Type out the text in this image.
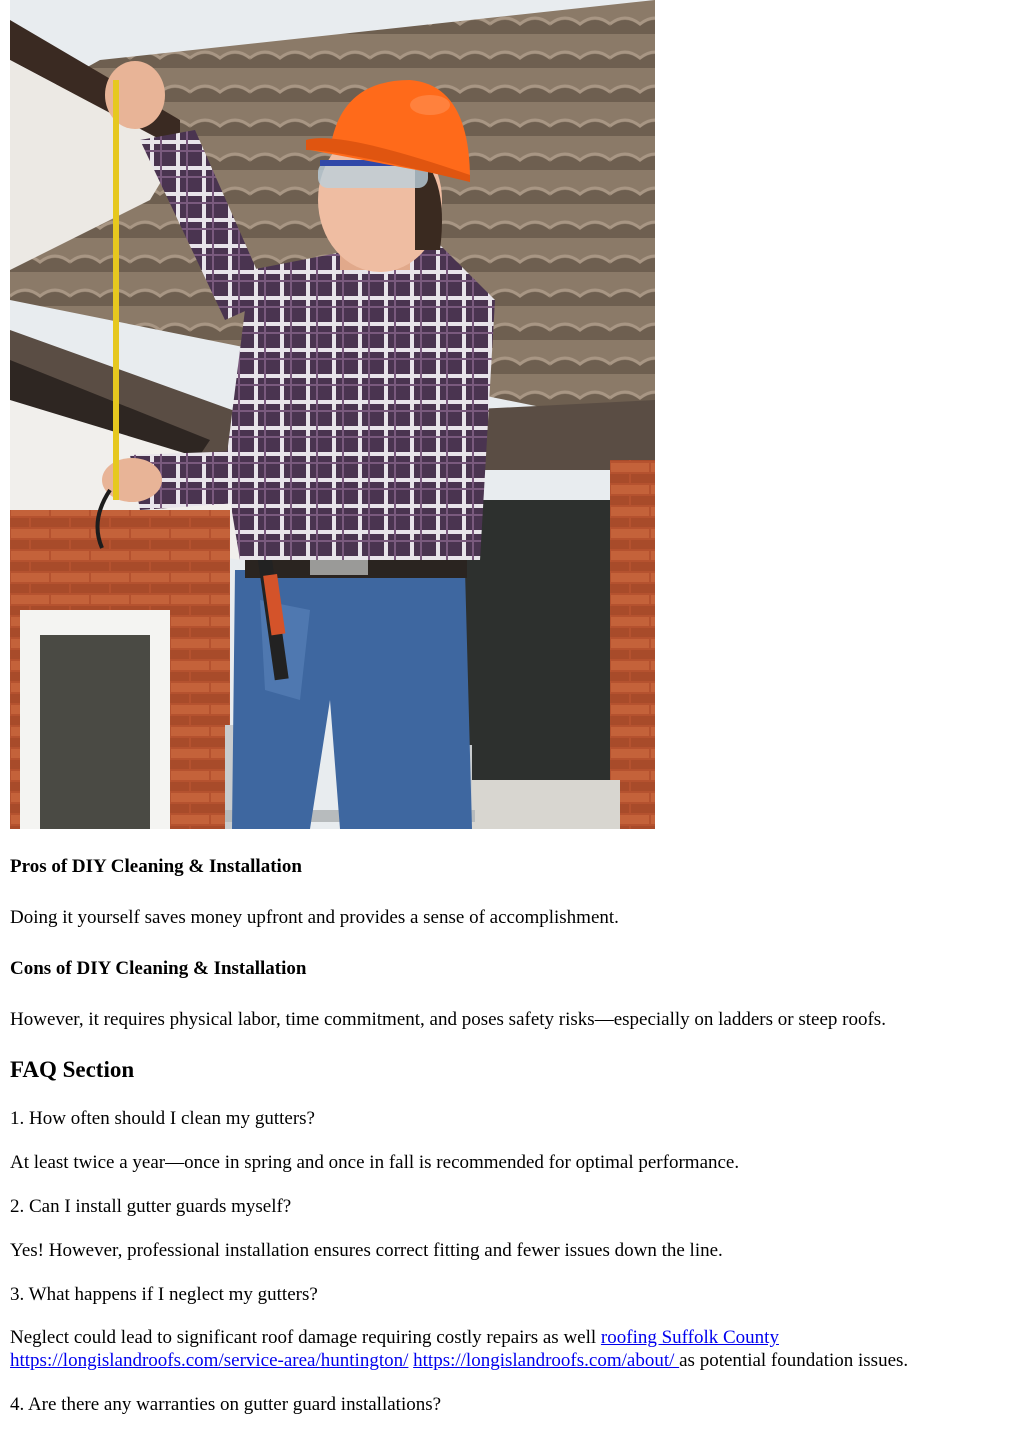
Pros of DIY Cleaning & Installation

Doing it yourself saves money upfront and provides a sense of accomplishment.

Cons of DIY Cleaning & Installation

However, it requires physical labor, time commitment, and poses safety risks—especially on ladders or steep roofs.

FAQ Section

1. How often should I clean my gutters?

At least twice a year—once in spring and once in fall is recommended for optimal performance.

2. Can I install gutter guards myself?

Yes! However, professional installation ensures correct fitting and fewer issues down the line.

3. What happens if I neglect my gutters?

Neglect could lead to significant roof damage requiring costly repairs as well roofing Suffolk County
https://longislandroofs.com/service-area/huntington/ https://longislandroofs.com/about/ as potential foundation issues.

4. Are there any warranties on gutter guard installations?
